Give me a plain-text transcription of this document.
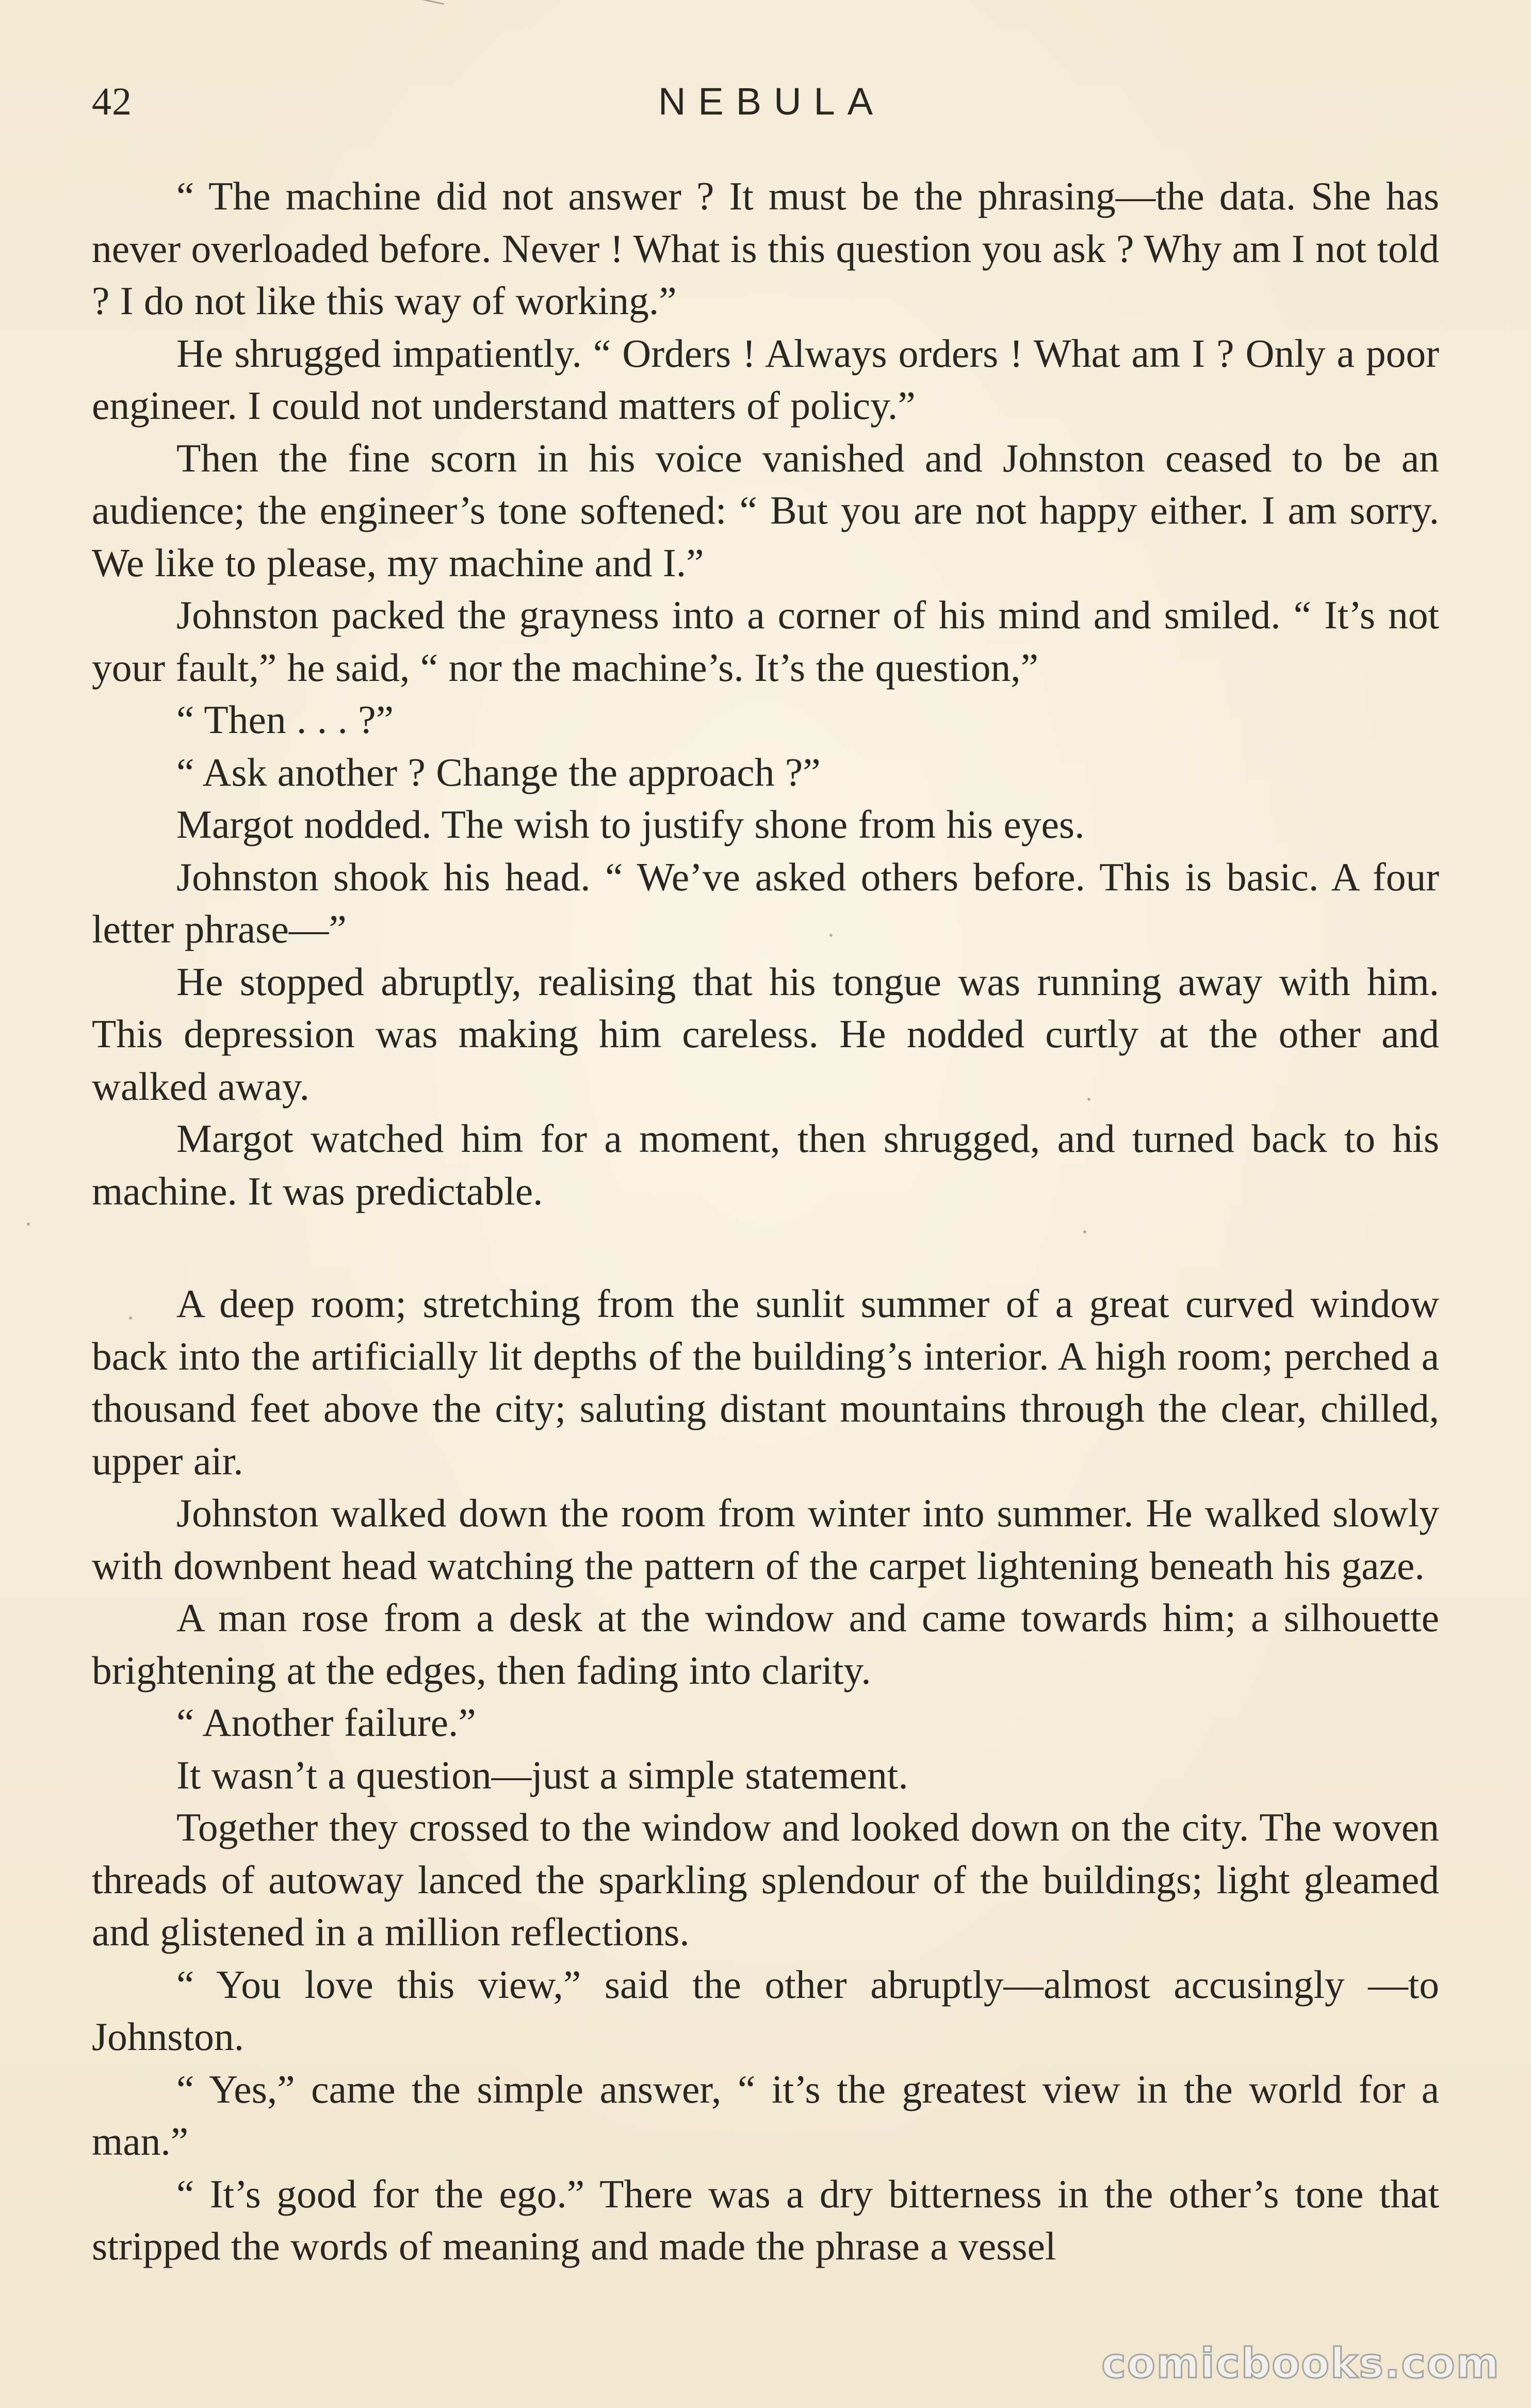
42	NEBULA

“ The machine did not answer ? It must be the phrasing—the data. She has never overloaded before. Never ! What is this question you ask ? Why am I not told ? I do not like this way of working.”

He shrugged impatiently. “ Orders ! Always orders ! What am I ? Only a poor engineer. I could not understand matters of policy.”

Then the fine scorn in his voice vanished and Johnston ceased to be an audience; the engineer’s tone softened: “ But you are not happy either. I am sorry. We like to please, my machine and I.”

Johnston packed the grayness into a corner of his mind and smiled. “ It’s not your fault,” he said, “ nor the machine’s. It’s the question,”

“ Then . . . ?”

“ Ask another ? Change the approach ?”

Margot nodded. The wish to justify shone from his eyes.

Johnston shook his head. “ We’ve asked others before. This is basic. A four letter phrase—”

He stopped abruptly, realising that his tongue was running away with him. This depression was making him careless. He nodded curtly at the other and walked away.

Margot watched him for a moment, then shrugged, and turned back to his machine. It was predictable.

A deep room; stretching from the sunlit summer of a great curved window back into the artificially lit depths of the building’s interior. A high room; perched a thousand feet above the city; saluting distant mountains through the clear, chilled, upper air.

Johnston walked down the room from winter into summer. He walked slowly with downbent head watching the pattern of the carpet lightening beneath his gaze.

A man rose from a desk at the window and came towards him; a silhouette brightening at the edges, then fading into clarity.

“ Another failure.”

It wasn’t a question—just a simple statement.

Together they crossed to the window and looked down on the city. The woven threads of autoway lanced the sparkling splendour of the buildings; light gleamed and glistened in a million reflections.

“ You love this view,” said the other abruptly—almost accusingly —to Johnston.

“ Yes,” came the simple answer, “ it’s the greatest view in the world for a man.”

“ It’s good for the ego.” There was a dry bitterness in the other’s tone that stripped the words of meaning and made the phrase a vessel

comicbooks.com
